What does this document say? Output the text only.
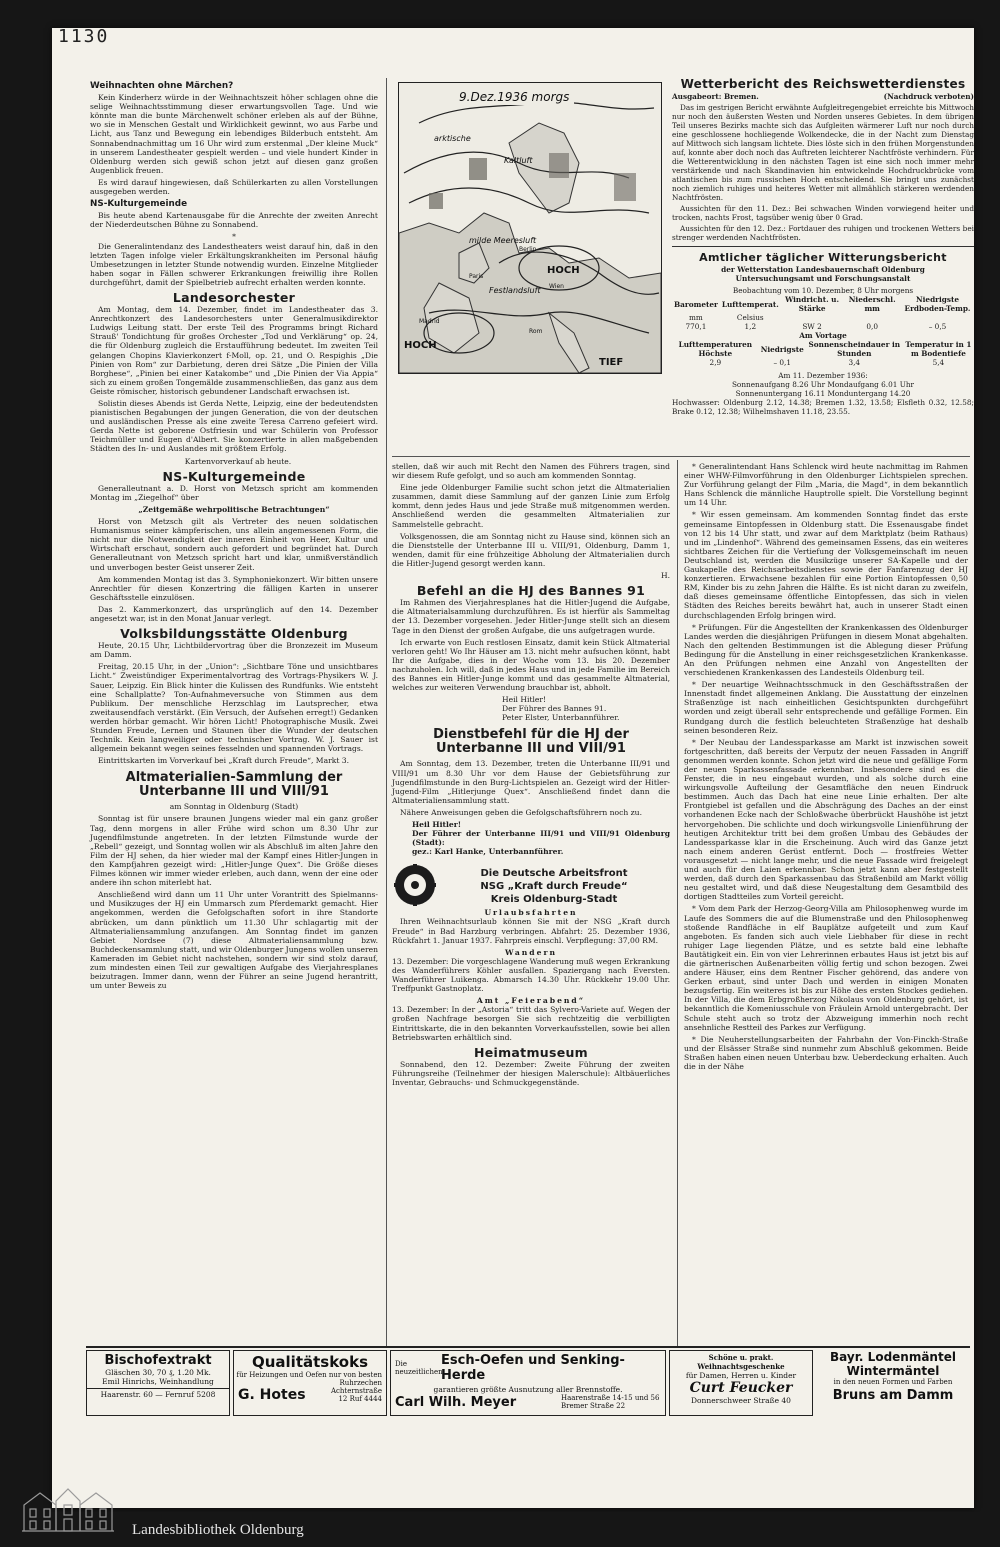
1130
Weihnachten ohne Märchen?

Kein Kinderherz würde in der Weihnachtszeit höher schlagen ohne die selige Weihnachtsstimmung dieser erwartungsvollen Tage. Und wie könnte man die bunte Märchenwelt schöner erleben als auf der Bühne, wo sie in Menschen Gestalt und Wirklichkeit gewinnt, wo aus Farbe und Licht, aus Tanz und Bewegung ein lebendiges Bilderbuch entsteht. Am Sonnabendnachmittag um 16 Uhr wird zum erstenmal „Der kleine Muck“ in unserem Landestheater gespielt werden – und viele hundert Kinder in Oldenburg werden sich gewiß schon jetzt auf diesen ganz großen Augenblick freuen.

Es wird darauf hingewiesen, daß Schülerkarten zu allen Vorstellungen ausgegeben werden.

NS-Kulturgemeinde

Bis heute abend Kartenausgabe für die Anrechte der zweiten Anrecht der Niederdeutschen Bühne zu Sonnabend.

*

Die Generalintendanz des Landestheaters weist darauf hin, daß in den letzten Tagen infolge vieler Erkältungskrankheiten im Personal häufig Umbesetzungen in letzter Stunde notwendig wurden. Einzelne Mitglieder haben sogar in Fällen schwerer Erkrankungen freiwillig ihre Rollen durchgeführt, damit der Spielbetrieb aufrecht erhalten werden konnte.

Landesorchester

Am Montag, dem 14. Dezember, findet im Landestheater das 3. Anrechtkonzert des Landesorchesters unter Generalmusikdirektor Ludwigs Leitung statt. Der erste Teil des Programms bringt Richard Strauß' Tondichtung für großes Orchester „Tod und Verklärung“ op. 24, die für Oldenburg zugleich die Erstaufführung bedeutet. Im zweiten Teil gelangen Chopins Klavierkonzert f-Moll, op. 21, und O. Respighis „Die Pinien von Rom“ zur Darbietung, deren drei Sätze „Die Pinien der Villa Borghese“, „Pinien bei einer Katakombe“ und „Die Pinien der Via Appia“ sich zu einem großen Tongemälde zusammenschließen, das ganz aus dem Geiste römischer, historisch gebundener Landschaft erwachsen ist.

Solistin dieses Abends ist Gerda Nette, Leipzig, eine der bedeutendsten pianistischen Begabungen der jungen Generation, die von der deutschen und ausländischen Presse als eine zweite Teresa Carreno gefeiert wird. Gerda Nette ist geborene Ostfriesin und war Schülerin von Professor Teichmüller und Eugen d'Albert. Sie konzertierte in allen maßgebenden Städten des In- und Auslandes mit größtem Erfolg.

Kartenvorverkauf ab heute.

NS-Kulturgemeinde

Generalleutnant a. D. Horst von Metzsch spricht am kommenden Montag im „Ziegelhof“ über

„Zeitgemäße wehrpolitische Betrachtungen“

Horst von Metzsch gilt als Vertreter des neuen soldatischen Humanismus seiner kämpferischen, uns allein angemessenen Form, die nicht nur die Notwendigkeit der inneren Einheit von Heer, Kultur und Wirtschaft erschaut, sondern auch gefordert und begründet hat. Durch Generalleutnant von Metzsch spricht hart und klar, unmißverständlich und unverbogen bester Geist unserer Zeit.

Am kommenden Montag ist das 3. Symphoniekonzert. Wir bitten unsere Anrechtler für diesen Konzertring die fälligen Karten in unserer Geschäftsstelle einzulösen.

Das 2. Kammerkonzert, das ursprünglich auf den 14. Dezember angesetzt war, ist in den Monat Januar verlegt.

Volksbildungsstätte Oldenburg

Heute, 20.15 Uhr, Lichtbildervortrag über die Bronzezeit im Museum am Damm.

Freitag, 20.15 Uhr, in der „Union“: „Sichtbare Töne und unsichtbares Licht.“ Zweistündiger Experimentalvortrag des Vortrags-Physikers W. J. Sauer, Leipzig. Ein Blick hinter die Kulissen des Rundfunks. Wie entsteht eine Schallplatte? Ton-Aufnahmeversuche von Stimmen aus dem Publikum. Der menschliche Herzschlag im Lautsprecher, etwa zweitausendfach verstärkt. (Ein Versuch, der Aufsehen erregt!) Gedanken werden hörbar gemacht. Wir hören Licht! Photographische Musik. Zwei Stunden Freude, Lernen und Staunen über die Wunder der deutschen Technik. Kein langweiliger oder technischer Vortrag. W. J. Sauer ist allgemein bekannt wegen seines fesselnden und spannenden Vortrags.

Eintrittskarten im Vorverkauf bei „Kraft durch Freude“, Markt 3.

Altmaterialien-Sammlung der Unterbanne III und VIII/91

am Sonntag in Oldenburg (Stadt)

Sonntag ist für unsere braunen Jungens wieder mal ein ganz großer Tag, denn morgens in aller Frühe wird schon um 8.30 Uhr zur Jugendfilmstunde angetreten. In der letzten Filmstunde wurde der „Rebell“ gezeigt, und Sonntag wollen wir als Abschluß im alten Jahre den Film der HJ sehen, da hier wieder mal der Kampf eines Hitler-Jungen in den Kampfjahren gezeigt wird: „Hitler-Junge Quex“. Die Größe dieses Filmes können wir immer wieder erleben, auch dann, wenn der eine oder andere ihn schon miterlebt hat.

Anschließend wird dann um 11 Uhr unter Vorantritt des Spielmanns- und Musikzuges der HJ ein Ummarsch zum Pferdemarkt gemacht. Hier angekommen, werden die Gefolgschaften sofort in ihre Standorte abrücken, um dann pünktlich um 11.30 Uhr schlagartig mit der Altmaterialiensammlung anzufangen. Am Sonntag findet im ganzen Gebiet Nordsee (7) diese Altmaterialiensammlung bzw. Buchdeckensammlung statt, und wir Oldenburger Jungens wollen unseren Kameraden im Gebiet nicht nachstehen, sondern wir sind stolz darauf, zum mindesten einen Teil zur gewaltigen Aufgabe des Vierjahresplanes beizutragen. Immer dann, wenn der Führer an seine Jugend herantritt, um unter Beweis zu

9.Dez.1936 morgs
arktische
Kaltluft
milde Meeresluft
HOCH
HOCH
TIEF
Festlandsluft
Berlin
Wien
Paris
Madrid
Rom
Wetterbericht des Reichswetterdienstes
Ausgabeort: Bremen.	(Nachdruck verboten)

Das im gestrigen Bericht erwähnte Aufgleitregengebiet erreichte bis Mittwoch nur noch den äußersten Westen und Norden unseres Gebietes. In dem übrigen Teil unseres Bezirks machte sich das Aufgleiten wärmerer Luft nur noch durch eine geschlossene hochliegende Wolkendecke, die in der Nacht zum Dienstag auf Mittwoch sich langsam lichtete. Dies löste sich in den frühen Morgenstunden auf, konnte aber doch noch das Auftreten leichterer Nachtfröste verhindern. Für die Wetterentwicklung in den nächsten Tagen ist eine sich noch immer mehr verstärkende und nach Skandinavien hin entwickelnde Hochdruckbrücke vom atlantischen bis zum russischen Hoch entscheidend. Sie bringt uns zunächst noch ziemlich ruhiges und heiteres Wetter mit allmählich stärkeren werdenden Nachtfrösten.

Aussichten für den 11. Dez.: Bei schwachen Winden vorwiegend heiter und trocken, nachts Frost, tagsüber wenig über 0 Grad.

Aussichten für den 12. Dez.: Fortdauer des ruhigen und trockenen Wetters bei strenger werdenden Nachtfrösten.

Amtlicher täglicher Witterungsbericht
der Wetterstation Landesbauernschaft Oldenburg
Untersuchungsamt und Forschungsanstalt
Beobachtung vom 10. Dezember, 8 Uhr morgens
Barometer	Lufttemperat.	Windricht. u. Stärke	Niederschl. mm	Niedrigste Erdboden-Temp.
mm	Celsius			
770,1	1,2	SW 2	0,0	– 0,5
Am Vortage
Lufttemperaturen Höchste	Niedrigste	Sonnenscheindauer in Stunden	Temperatur in 1 m Bodentiefe
2,9	– 0,1	3,4	5,4
Am 11. Dezember 1936:
Sonnenaufgang 8.26 Uhr Mondaufgang 6.01 Uhr
Sonnenuntergang 16.11 Monduntergang 14.20
Hochwasser: Oldenburg 2.12, 14.38; Bremen 1.32, 13.58; Elsfleth 0.32, 12.58; Brake 0.12, 12.38; Wilhelmshaven 11.18, 23.55.

stellen, daß wir auch mit Recht den Namen des Führers tragen, sind wir diesem Rufe gefolgt, und so auch am kommenden Sonntag.

Eine jede Oldenburger Familie sucht schon jetzt die Altmaterialien zusammen, damit diese Sammlung auf der ganzen Linie zum Erfolg kommt, denn jedes Haus und jede Straße muß mitgenommen werden. Anschließend werden die gesammelten Altmaterialien zur Sammelstelle gebracht.

Volksgenossen, die am Sonntag nicht zu Hause sind, können sich an die Dienststelle der Unterbanne III u. VIII/91, Oldenburg, Damm 1, wenden, damit für eine frühzeitige Abholung der Altmaterialien durch die Hitler-Jugend gesorgt werden kann.

H.
Befehl an die HJ des Bannes 91

Im Rahmen des Vierjahresplanes hat die Hitler-Jugend die Aufgabe, die Altmaterialsammlung durchzuführen. Es ist hierfür als Sammeltag der 13. Dezember vorgesehen. Jeder Hitler-Junge stellt sich an diesem Tage in den Dienst der großen Aufgabe, die uns aufgetragen wurde.

Ich erwarte von Euch restlosen Einsatz, damit kein Stück Altmaterial verloren geht! Wo Ihr Häuser am 13. nicht mehr aufsuchen könnt, habt Ihr die Aufgabe, dies in der Woche vom 13. bis 20. Dezember nachzuholen. Ich will, daß in jedes Haus und in jede Familie im Bereich des Bannes ein Hitler-Junge kommt und das gesammelte Altmaterial, welches zur weiteren Verwendung brauchbar ist, abholt.

Heil Hitler!
Der Führer des Bannes 91.
Peter Elster, Unterbannführer.
Dienstbefehl für die HJ der Unterbanne III und VIII/91

Am Sonntag, dem 13. Dezember, treten die Unterbanne III/91 und VIII/91 um 8.30 Uhr vor dem Hause der Gebietsführung zur Jugendfilmstunde in den Burg-Lichtspielen an. Gezeigt wird der Hitler-Jugend-Film „Hitlerjunge Quex“. Anschließend findet dann die Altmaterialiensammlung statt.

Nähere Anweisungen geben die Gefolgschaftsführern noch zu.

Heil Hitler!
Der Führer der Unterbanne III/91 und VIII/91 Oldenburg (Stadt):
gez.: Karl Hanke, Unterbannführer.
Die Deutsche Arbeitsfront
NSG „Kraft durch Freude“
Kreis Oldenburg-Stadt
Urlaubsfahrten

Ihren Weihnachtsurlaub können Sie mit der NSG „Kraft durch Freude“ in Bad Harzburg verbringen. Abfahrt: 25. Dezember 1936, Rückfahrt 1. Januar 1937. Fahrpreis einschl. Verpflegung: 37,00 RM.

Wandern

13. Dezember: Die vorgeschlagene Wanderung muß wegen Erkrankung des Wanderführers Köhler ausfallen. Spaziergang nach Eversten. Wanderführer Luikenga. Abmarsch 14.30 Uhr. Rückkehr 19.00 Uhr. Treffpunkt Gastnoplatz.

Amt „Feierabend“

13. Dezember: In der „Astoria“ tritt das Sylvero-Variete auf. Wegen der großen Nachfrage besorgen Sie sich rechtzeitig die verbilligten Eintrittskarte, die in den bekannten Vorverkaufsstellen, sowie bei allen Betriebswarten erhältlich sind.

Heimatmuseum

Sonnabend, den 12. Dezember: Zweite Führung der zweiten Führungsreihe (Teilnehmer der hiesigen Malerschule): Altbäuerliches Inventar, Gebrauchs- und Schmuckgegenstände.

* Generalintendant Hans Schlenck wird heute nachmittag im Rahmen einer WHW-Filmvorführung in den Oldenburger Lichtspielen sprechen. Zur Vorführung gelangt der Film „Maria, die Magd“, in dem bekanntlich Hans Schlenck die männliche Hauptrolle spielt. Die Vorstellung beginnt um 14 Uhr.

* Wir essen gemeinsam. Am kommenden Sonntag findet das erste gemeinsame Eintopfessen in Oldenburg statt. Die Essenausgabe findet von 12 bis 14 Uhr statt, und zwar auf dem Marktplatz (beim Rathaus) und im „Lindenhof“. Während des gemeinsamen Essens, das ein weiteres sichtbares Zeichen für die Vertiefung der Volksgemeinschaft im neuen Deutschland ist, werden die Musikzüge unserer SA-Kapelle und der Gaukapelle des Reichsarbeitsdienstes sowie der Fanfarenzug der HJ konzertieren. Erwachsene bezahlen für eine Portion Eintopfessen 0,50 RM, Kinder bis zu zehn Jahren die Hälfte. Es ist nicht daran zu zweifeln, daß dieses gemeinsame öffentliche Eintopfessen, das sich in vielen Städten des Reiches bereits bewährt hat, auch in unserer Stadt einen durchschlagenden Erfolg bringen wird.

* Prüfungen. Für die Angestellten der Krankenkassen des Oldenburger Landes werden die diesjährigen Prüfungen in diesem Monat abgehalten. Nach den geltenden Bestimmungen ist die Ablegung dieser Prüfung Bedingung für die Anstellung in einer reichsgesetzlichen Krankenkasse. An den Prüfungen nehmen eine Anzahl von Angestellten der verschiedenen Krankenkassen des Landesteils Oldenburg teil.

* Der neuartige Weihnachtsschmuck in den Geschäftsstraßen der Innenstadt findet allgemeinen Anklang. Die Ausstattung der einzelnen Straßenzüge ist nach einheitlichen Gesichtspunkten durchgeführt worden und zeigt überall sehr entsprechende und gefällige Formen. Ein Rundgang durch die festlich beleuchteten Straßenzüge hat deshalb seinen besonderen Reiz.

* Der Neubau der Landessparkasse am Markt ist inzwischen soweit fortgeschritten, daß bereits der Verputz der neuen Fassaden in Angriff genommen werden konnte. Schon jetzt wird die neue und gefällige Form der neuen Sparkassenfassade erkennbar. Insbesondere sind es die Fenster, die in neu eingebaut wurden, und als solche durch eine wirkungsvolle Aufteilung der Gesamtfläche den neuen Eindruck bestimmen. Auch das Dach hat eine neue Linie erhalten. Der alte Frontgiebel ist gefallen und die Abschrägung des Daches an der einst vorhandenen Ecke nach der Schloßwache überbrückt Haushöhe ist jetzt hervorgehoben. Die schlichte und doch wirkungsvolle Linienführung der heutigen Architektur tritt bei dem großen Umbau des Gebäudes der Landessparkasse klar in die Erscheinung. Auch wird das Ganze jetzt nach einem anderen Gerüst entfernt. Doch — frostfreies Wetter vorausgesetzt — nicht lange mehr, und die neue Fassade wird freigelegt und auch für den Laien erkennbar. Schon jetzt kann aber festgestellt werden, daß durch den Sparkassenbau das Straßenbild am Markt völlig neu gestaltet wird, und daß diese Neugestaltung dem Gesamtbild des dortigen Stadtteiles zum Vorteil gereicht.

* Vom dem Park der Herzog-Georg-Villa am Philosophenweg wurde im Laufe des Sommers die auf die Blumenstraße und den Philosophenweg stoßende Randfläche in elf Bauplätze aufgeteilt und zum Kauf angeboten. Es fanden sich auch viele Liebhaber für diese in recht ruhiger Lage liegenden Plätze, und es setzte bald eine lebhafte Bautätigkeit ein. Ein von vier Lehrerinnen erbautes Haus ist jetzt bis auf die gärtnerischen Außenarbeiten völlig fertig und schon bezogen. Zwei andere Häuser, eins dem Rentner Fischer gehörend, das andere von Gerken erbaut, sind unter Dach und werden in einigen Monaten bezugsfertig. Ein weiteres ist bis zur Höhe des ersten Stockes gediehen. In der Villa, die dem Erbgroßherzog Nikolaus von Oldenburg gehört, ist bekanntlich die Komeniusschule von Fräulein Arnold untergebracht. Der Schule steht auch so trotz der Abzweigung immerhin noch recht ansehnliche Restteil des Parkes zur Verfügung.

* Die Neuherstellungsarbeiten der Fahrbahn der Von-Finckh-Straße und der Elsässer Straße sind nunmehr zum Abschluß gekommen. Beide Straßen haben einen neuen Unterbau bzw. Ueberdeckung erhalten. Auch die in der Nähe

Bischofextrakt
Gläschen 30, 70 ₰, 1.20 Mk.
Emil Hinrichs, Weinhandlung
Haarenstr. 60 — Fernruf 5208
Qualitätskoks
für Heizungen und Oefen nur von besten Ruhrzechen
G. Hotes	Achternstraße 12 Ruf 4444
Die neuzeitlichen
Esch-Oefen und Senking-Herde
garantieren größte Ausnutzung aller Brennstoffe.
Carl Wilh. Meyer	Haarenstraße 14-15 und 56 Bremer Straße 22
Schöne u. prakt. Weihnachtsgeschenke
für Damen, Herren u. Kinder
Curt Feucker
Donnerschweer Straße 40
Bayr. Lodenmäntel
Wintermäntel
in den neuen Formen und Farben
Bruns am Damm
Landesbibliothek Oldenburg
